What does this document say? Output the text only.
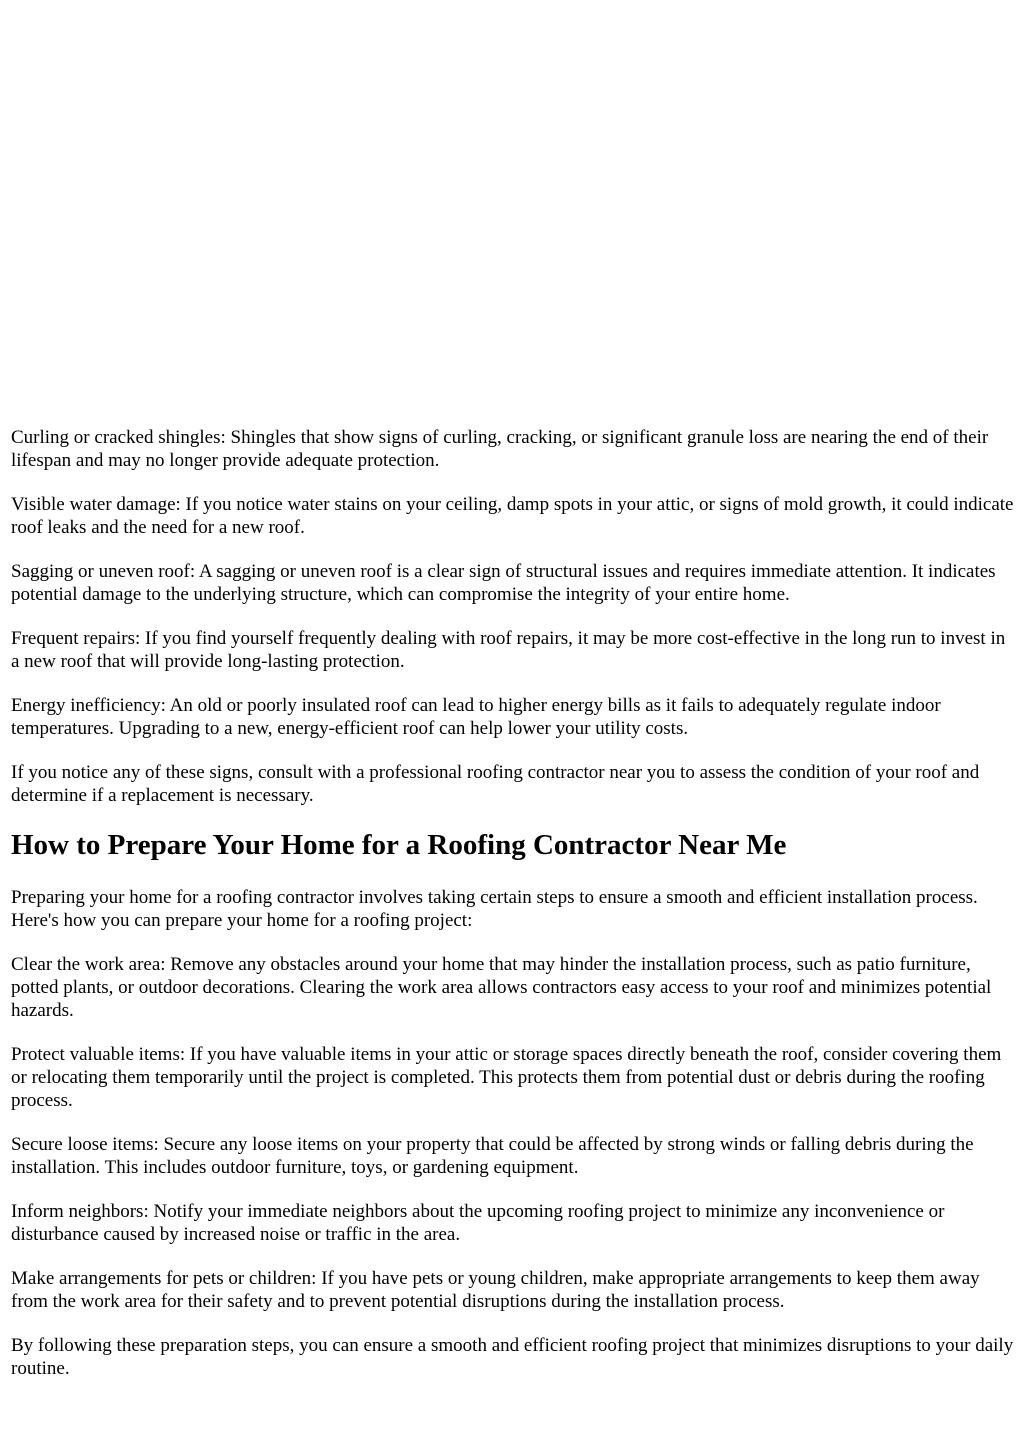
Curling or cracked shingles: Shingles that show signs of curling, cracking, or significant granule loss are nearing the end of their lifespan and may no longer provide adequate protection.

Visible water damage: If you notice water stains on your ceiling, damp spots in your attic, or signs of mold growth, it could indicate roof leaks and the need for a new roof.

Sagging or uneven roof: A sagging or uneven roof is a clear sign of structural issues and requires immediate attention. It indicates potential damage to the underlying structure, which can compromise the integrity of your entire home.

Frequent repairs: If you find yourself frequently dealing with roof repairs, it may be more cost-effective in the long run to invest in a new roof that will provide long-lasting protection.

Energy inefficiency: An old or poorly insulated roof can lead to higher energy bills as it fails to adequately regulate indoor temperatures. Upgrading to a new, energy-efficient roof can help lower your utility costs.

If you notice any of these signs, consult with a professional roofing contractor near you to assess the condition of your roof and determine if a replacement is necessary.

How to Prepare Your Home for a Roofing Contractor Near Me

Preparing your home for a roofing contractor involves taking certain steps to ensure a smooth and efficient installation process. Here's how you can prepare your home for a roofing project:

Clear the work area: Remove any obstacles around your home that may hinder the installation process, such as patio furniture, potted plants, or outdoor decorations. Clearing the work area allows contractors easy access to your roof and minimizes potential hazards.

Protect valuable items: If you have valuable items in your attic or storage spaces directly beneath the roof, consider covering them or relocating them temporarily until the project is completed. This protects them from potential dust or debris during the roofing process.

Secure loose items: Secure any loose items on your property that could be affected by strong winds or falling debris during the installation. This includes outdoor furniture, toys, or gardening equipment.

Inform neighbors: Notify your immediate neighbors about the upcoming roofing project to minimize any inconvenience or disturbance caused by increased noise or traffic in the area.

Make arrangements for pets or children: If you have pets or young children, make appropriate arrangements to keep them away from the work area for their safety and to prevent potential disruptions during the installation process.

By following these preparation steps, you can ensure a smooth and efficient roofing project that minimizes disruptions to your daily routine.
